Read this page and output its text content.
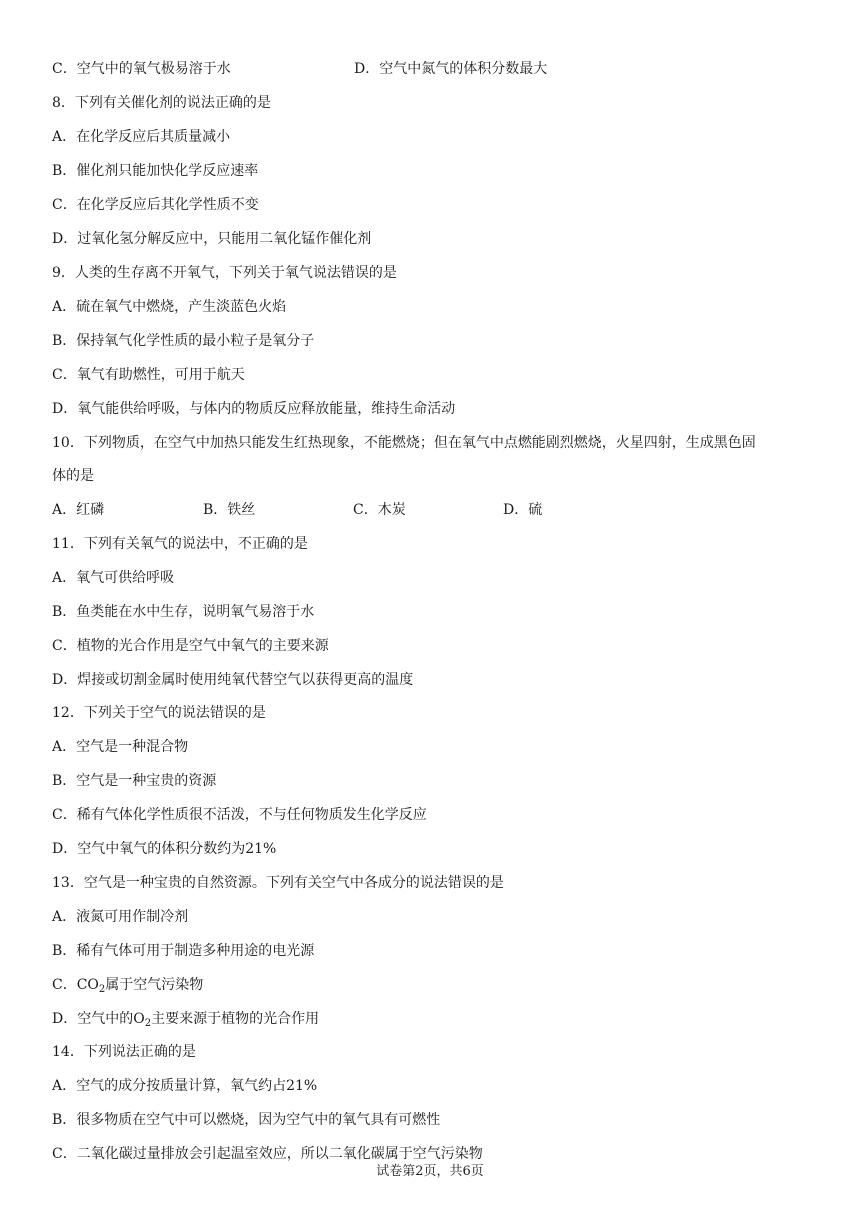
C．空气中的氧气极易溶于水	D．空气中氮气的体积分数最大
8．下列有关催化剂的说法正确的是
A．在化学反应后其质量减小
B．催化剂只能加快化学反应速率
C．在化学反应后其化学性质不变
D．过氧化氢分解反应中，只能用二氧化锰作催化剂
9．人类的生存离不开氧气，下列关于氧气说法错误的是
A．硫在氧气中燃烧，产生淡蓝色火焰
B．保持氧气化学性质的最小粒子是氧分子
C．氧气有助燃性，可用于航天
D．氧气能供给呼吸，与体内的物质反应释放能量，维持生命活动
10．下列物质，在空气中加热只能发生红热现象，不能燃烧；但在氧气中点燃能剧烈燃烧，火星四射，生成黑色固
体的是
A．红磷	B．铁丝	C．木炭	D．硫
11．下列有关氧气的说法中，不正确的是
A．氧气可供给呼吸
B．鱼类能在水中生存，说明氧气易溶于水
C．植物的光合作用是空气中氧气的主要来源
D．焊接或切割金属时使用纯氧代替空气以获得更高的温度
12．下列关于空气的说法错误的是
A．空气是一种混合物
B．空气是一种宝贵的资源
C．稀有气体化学性质很不活泼，不与任何物质发生化学反应
D．空气中氧气的体积分数约为21%
13．空气是一种宝贵的自然资源。下列有关空气中各成分的说法错误的是
A．液氮可用作制冷剂
B．稀有气体可用于制造多种用途的电光源
C．$CO_2$属于空气污染物
D．空气中的$O_2$主要来源于植物的光合作用
14．下列说法正确的是
A．空气的成分按质量计算，氧气约占21%
B．很多物质在空气中可以燃烧，因为空气中的氧气具有可燃性
C．二氧化碳过量排放会引起温室效应，所以二氧化碳属于空气污染物
试卷第2页，共6页
